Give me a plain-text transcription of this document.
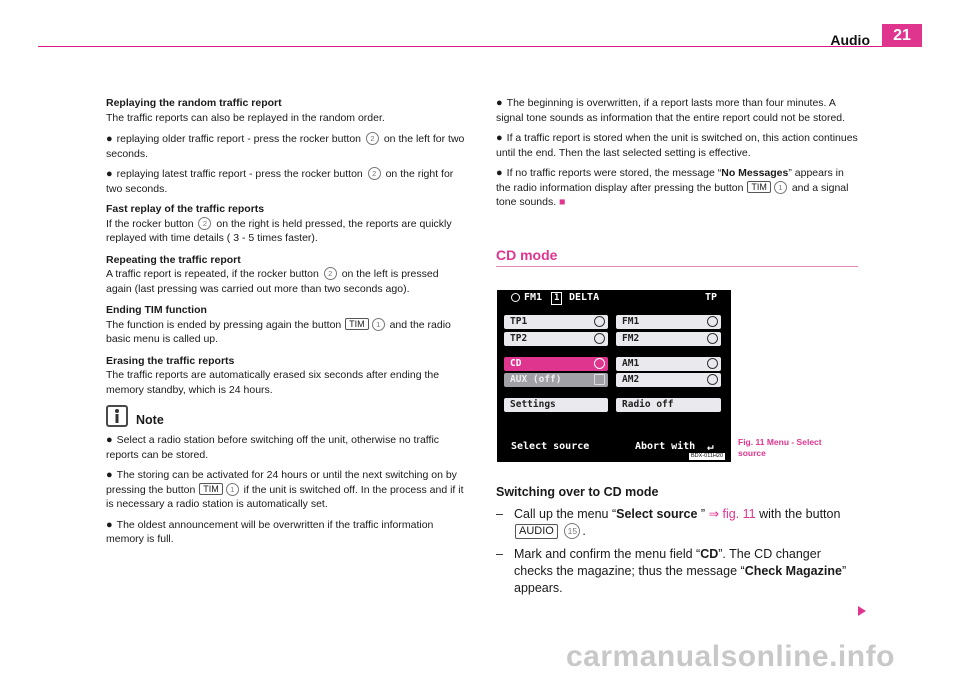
Audio	21

Replaying the random traffic report

The traffic reports can also be replayed in the random order.

● replaying older traffic report - press the rocker button 2 on the left for two seconds.

● replaying latest traffic report - press the rocker button 2 on the right for two seconds.

Fast replay of the traffic reports

If the rocker button 2 on the right is held pressed, the reports are quickly replayed with time details ( 3 - 5 times faster).

Repeating the traffic report

A traffic report is repeated, if the rocker button 2 on the left is pressed again (last pressing was carried out more than two seconds ago).

Ending TIM function

The function is ended by pressing again the button TIM 1 and the radio basic menu is called up.

Erasing the traffic reports

The traffic reports are automatically erased six seconds after ending the memory standby, which is 24 hours.

Note

● Select a radio station before switching off the unit, otherwise no traffic reports can be stored.

● The storing can be activated for 24 hours or until the next switching on by pressing the button TIM 1 if the unit is switched off. In the process and if it is necessary a radio station is automatically set.

● The oldest announcement will be overwritten if the traffic information memory is full.

● The beginning is overwritten, if a report lasts more than four minutes. A signal tone sounds as information that the entire report could not be stored.

● If a traffic report is stored when the unit is switched on, this action continues until the end. Then the last selected setting is effective.

● If no traffic reports were stored, the message “No Messages” appears in the radio information display after pressing the button TIM 1 and a signal tone sounds. ■

CD mode
FM1	1 DELTA	TP
TP1	FM1
TP2	FM2
CD	AM1
AUX (off)	AM2
Settings	Radio off
Select source	Abort with ↵
BDX-011H20
Fig. 11 Menu - Select
source
Switching over to CD mode
– Call up the menu “Select source ” ⇒ fig. 11 with the button
AUDIO 15 .
– Mark and confirm the menu field “CD”. The CD changer checks the magazine; thus the message “Check Magazine” appears.
carmanualsonline.info
